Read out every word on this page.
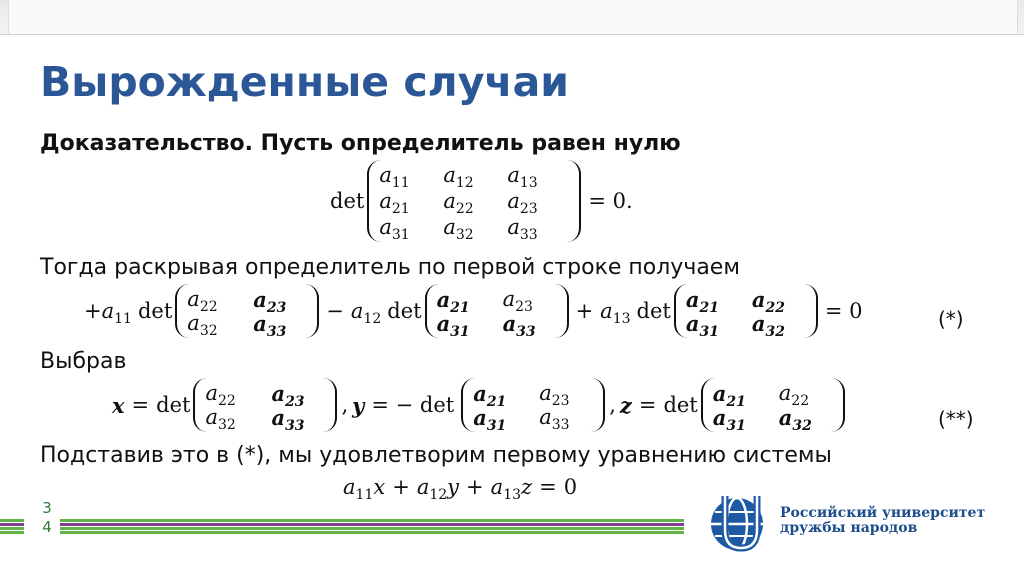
Вырожденные случаи
Доказательство. Пусть определитель равен нулю
det
$a_{11}$	$a_{12}$	$a_{13}$
$a_{21}$	$a_{22}$	$a_{23}$
$a_{31}$	$a_{32}$	$a_{33}$
= 0.
Тогда раскрывая определитель по первой строке получаем
+ $a_{11}$ $\det a_{22}$	$a_{23}$
$a_{32}$	$a_{33}$
− $a_{12}$ $\det a_{21}$	$a_{23}$
$a_{31}$	$a_{33}$
+ $a_{13}$ $\det a_{21}$	$a_{22}$
$a_{31}$	$a_{32}$
= 0	(*)
Выбрав
$x = \det a_{22}$	$a_{23}$
$a_{32}$	$a_{33}$
, y = − $\det a_{21}$	$a_{23}$
$a_{31}$	$a_{33}$
, $z = \det a_{21}$	$a_{22}$
$a_{31}$	$a_{32}$	(**)
Подставив это в (*), мы удовлетворим первому уравнению системы
$a_{11}x + a_{12}y + a_{13}z = 0$
3
4
Российский университет
дружбы народов
